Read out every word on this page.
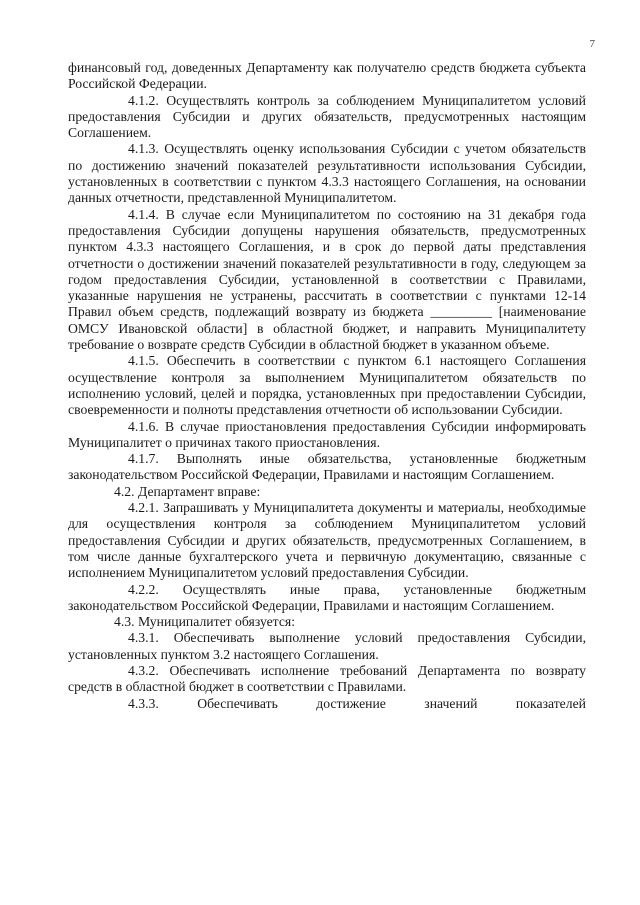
7

финансовый год, доведенных Департаменту как получателю средств бюджета субъекта Российской Федерации.

4.1.2. Осуществлять контроль за соблюдением Муниципалитетом условий предоставления Субсидии и других обязательств, предусмотренных настоящим Соглашением.

4.1.3. Осуществлять оценку использования Субсидии с учетом обязательств по достижению значений показателей результативности использования Субсидии, установленных в соответствии с пунктом 4.3.3 настоящего Соглашения, на основании данных отчетности, представленной Муниципалитетом.

4.1.4. В случае если Муниципалитетом по состоянию на 31 декабря года предоставления Субсидии допущены нарушения обязательств, предусмотренных пунктом 4.3.3 настоящего Соглашения, и в срок до первой даты представления отчетности о достижении значений показателей результативности в году, следующем за годом предоставления Субсидии, установленной в соответствии с Правилами, указанные нарушения не устранены, рассчитать в соответствии с пунктами 12-14 Правил объем средств, подлежащий возврату из бюджета _________ [наименование ОМСУ Ивановской области] в областной бюджет, и направить Муниципалитету требование о возврате средств Субсидии в областной бюджет в указанном объеме.

4.1.5. Обеспечить в соответствии с пунктом 6.1 настоящего Соглашения осуществление контроля за выполнением Муниципалитетом обязательств по исполнению условий, целей и порядка, установленных при предоставлении Субсидии, своевременности и полноты представления отчетности об использовании Субсидии.

4.1.6. В случае приостановления предоставления Субсидии информировать Муниципалитет о причинах такого приостановления.

4.1.7. Выполнять иные обязательства, установленные бюджетным законодательством Российской Федерации, Правилами и настоящим Соглашением.

4.2. Департамент вправе:

4.2.1. Запрашивать у Муниципалитета документы и материалы, необходимые для осуществления контроля за соблюдением Муниципалитетом условий предоставления Субсидии и других обязательств, предусмотренных Соглашением, в том числе данные бухгалтерского учета и первичную документацию, связанные с исполнением Муниципалитетом условий предоставления Субсидии.

4.2.2. Осуществлять иные права, установленные бюджетным законодательством Российской Федерации, Правилами и настоящим Соглашением.

4.3. Муниципалитет обязуется:

4.3.1. Обеспечивать выполнение условий предоставления Субсидии, установленных пунктом 3.2 настоящего Соглашения.

4.3.2. Обеспечивать исполнение требований Департамента по возврату средств в областной бюджет в соответствии с Правилами.

4.3.3. Обеспечивать достижение значений показателей
